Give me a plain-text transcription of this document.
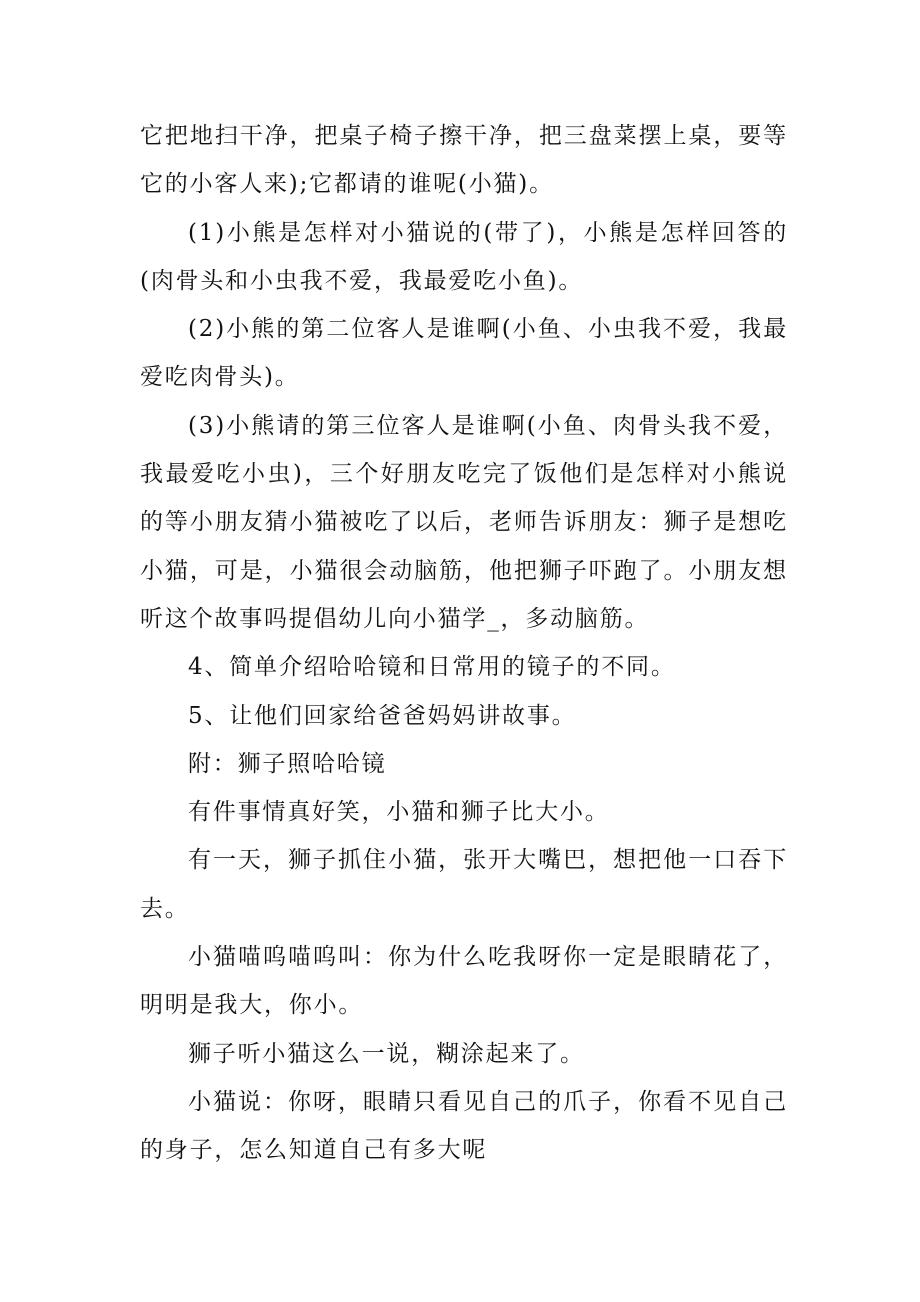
它把地扫干净，把桌子椅子擦干净，把三盘菜摆上桌，要等它的小客人来);它都请的谁呢(小猫)。

(1)小熊是怎样对小猫说的(带了)，小熊是怎样回答的(肉骨头和小虫我不爱，我最爱吃小鱼)。

(2)小熊的第二位客人是谁啊(小鱼、小虫我不爱，我最爱吃肉骨头)。

(3)小熊请的第三位客人是谁啊(小鱼、肉骨头我不爱，我最爱吃小虫)，三个好朋友吃完了饭他们是怎样对小熊说的等小朋友猜小猫被吃了以后，老师告诉朋友：狮子是想吃小猫，可是，小猫很会动脑筋，他把狮子吓跑了。小朋友想听这个故事吗提倡幼儿向小猫学_，多动脑筋。

4、简单介绍哈哈镜和日常用的镜子的不同。

5、让他们回家给爸爸妈妈讲故事。

附：狮子照哈哈镜

有件事情真好笑，小猫和狮子比大小。

有一天，狮子抓住小猫，张开大嘴巴，想把他一口吞下去。

小猫喵呜喵呜叫：你为什么吃我呀你一定是眼睛花了，明明是我大，你小。

狮子听小猫这么一说，糊涂起来了。

小猫说：你呀，眼睛只看见自己的爪子，你看不见自己的身子，怎么知道自己有多大呢
